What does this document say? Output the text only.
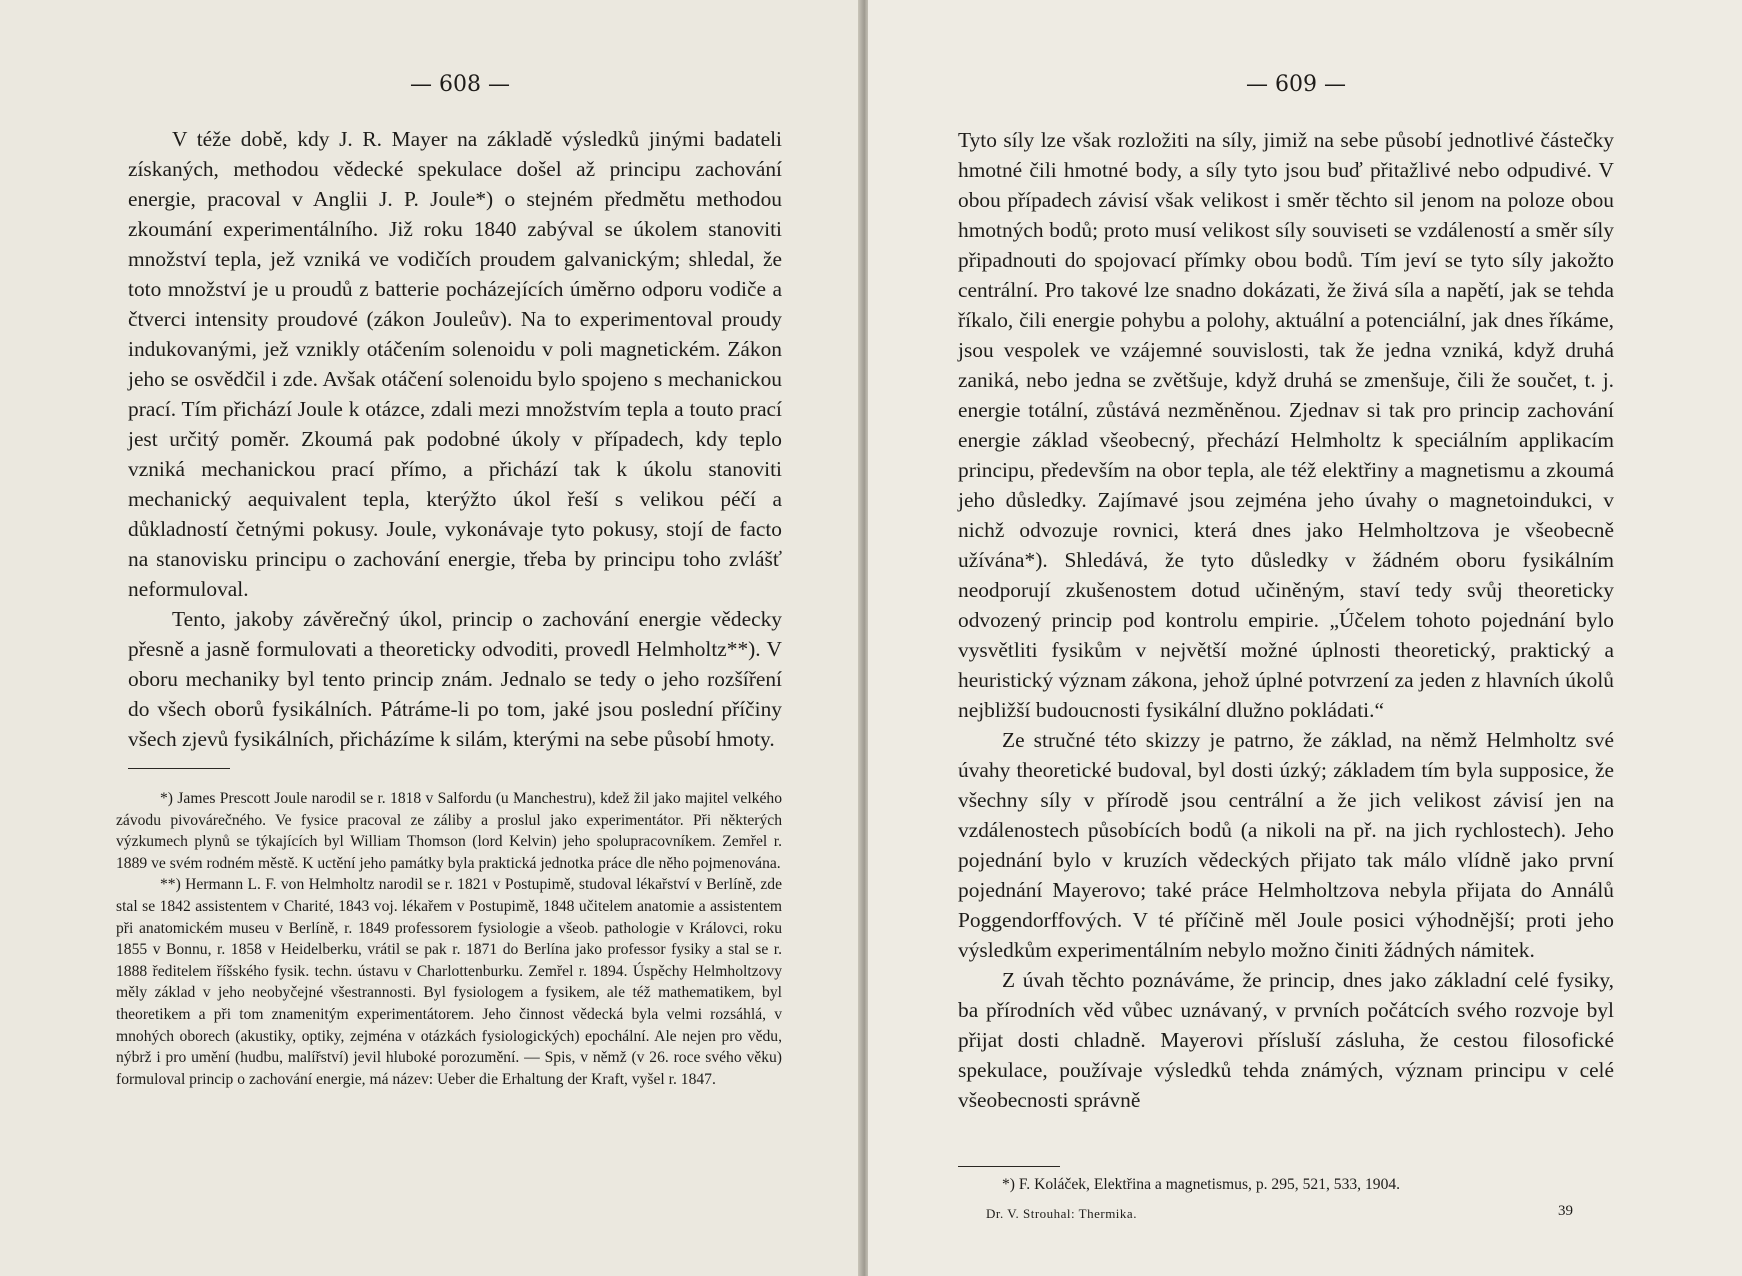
— 608 —

V téže době, kdy J. R. Mayer na základě výsledků jinými badateli získaných, methodou vědecké spekulace došel až principu zachování energie, pracoval v Anglii J. P. Joule*) o stejném předmětu methodou zkoumání experimentálního. Již roku 1840 zabýval se úkolem stanoviti množství tepla, jež vzniká ve vodičích proudem galvanickým; shledal, že toto množství je u proudů z batterie pocházejících úměrno odporu vodiče a čtverci intensity proudové (zákon Jouleův). Na to experimentoval proudy indukovanými, jež vznikly otáčením solenoidu v poli magnetickém. Zákon jeho se osvědčil i zde. Avšak otáčení solenoidu bylo spojeno s mechanickou prací. Tím přichází Joule k otázce, zdali mezi množstvím tepla a touto prací jest určitý poměr. Zkoumá pak podobné úkoly v případech, kdy teplo vzniká mechanickou prací přímo, a přichází tak k úkolu stanoviti mechanický aequivalent tepla, kterýžto úkol řeší s velikou péčí a důkladností četnými pokusy. Joule, vykonávaje tyto pokusy, stojí de facto na stanovisku principu o zachování energie, třeba by principu toho zvlášť neformuloval.

Tento, jakoby závěrečný úkol, princip o zachování energie vědecky přesně a jasně formulovati a theoreticky odvoditi, provedl Helmholtz**). V oboru mechaniky byl tento princip znám. Jednalo se tedy o jeho rozšíření do všech oborů fysikálních. Pátráme-li po tom, jaké jsou poslední příčiny všech zjevů fysikálních, přicházíme k silám, kterými na sebe působí hmoty.

*) James Prescott Joule narodil se r. 1818 v Salfordu (u Manchestru), kdež žil jako majitel velkého závodu pivovárečného. Ve fysice pracoval ze záliby a proslul jako experimentátor. Při některých výzkumech plynů se týkajících byl William Thomson (lord Kelvin) jeho spolupracovníkem. Zemřel r. 1889 ve svém rodném městě. K uctění jeho památky byla praktická jednotka práce dle něho pojmenována.

**) Hermann L. F. von Helmholtz narodil se r. 1821 v Postupimě, studoval lékařství v Berlíně, zde stal se 1842 assistentem v Charité, 1843 voj. lékařem v Postupimě, 1848 učitelem anatomie a assistentem při anatomickém museu v Berlíně, r. 1849 professorem fysiologie a všeob. pathologie v Královci, roku 1855 v Bonnu, r. 1858 v Heidelberku, vrátil se pak r. 1871 do Berlína jako professor fysiky a stal se r. 1888 ředitelem říšského fysik. techn. ústavu v Charlottenburku. Zemřel r. 1894. Úspěchy Helmholtzovy měly základ v jeho neobyčejné všestrannosti. Byl fysiologem a fysikem, ale též mathematikem, byl theoretikem a při tom znamenitým experimentátorem. Jeho činnost vědecká byla velmi rozsáhlá, v mnohých oborech (akustiky, optiky, zejména v otázkách fysiologických) epochální. Ale nejen pro vědu, nýbrž i pro umění (hudbu, malířství) jevil hluboké porozumění. — Spis, v němž (v 26. roce svého věku) formuloval princip o zachování energie, má název: Ueber die Erhaltung der Kraft, vyšel r. 1847.

— 609 —

Tyto síly lze však rozložiti na síly, jimiž na sebe působí jednotlivé částečky hmotné čili hmotné body, a síly tyto jsou buď přitažlivé nebo odpudivé. V obou případech závisí však velikost i směr těchto sil jenom na poloze obou hmotných bodů; proto musí velikost síly souviseti se vzdáleností a směr síly připadnouti do spojovací přímky obou bodů. Tím jeví se tyto síly jakožto centrální. Pro takové lze snadno dokázati, že živá síla a napětí, jak se tehda říkalo, čili energie pohybu a polohy, aktuální a potenciální, jak dnes říkáme, jsou vespolek ve vzájemné souvislosti, tak že jedna vzniká, když druhá zaniká, nebo jedna se zvětšuje, když druhá se zmenšuje, čili že součet, t. j. energie totální, zůstává nezměněnou. Zjednav si tak pro princip zachování energie základ všeobecný, přechází Helmholtz k speciálním applikacím principu, především na obor tepla, ale též elektřiny a magnetismu a zkoumá jeho důsledky. Zajímavé jsou zejména jeho úvahy o magnetoindukci, v nichž odvozuje rovnici, která dnes jako Helmholtzova je všeobecně užívána*). Shledává, že tyto důsledky v žádném oboru fysikálním neodporují zkušenostem dotud učiněným, staví tedy svůj theoreticky odvozený princip pod kontrolu empirie. „Účelem tohoto pojednání bylo vysvětliti fysikům v největší možné úplnosti theoretický, praktický a heuristický význam zákona, jehož úplné potvrzení za jeden z hlavních úkolů nejbližší budoucnosti fysikální dlužno pokládati.“

Ze stručné této skizzy je patrno, že základ, na němž Helmholtz své úvahy theoretické budoval, byl dosti úzký; základem tím byla supposice, že všechny síly v přírodě jsou centrální a že jich velikost závisí jen na vzdálenostech působících bodů (a nikoli na př. na jich rychlostech). Jeho pojednání bylo v kruzích vědeckých přijato tak málo vlídně jako první pojednání Mayerovo; také práce Helmholtzova nebyla přijata do Annálů Poggendorffových. V té příčině měl Joule posici výhodnější; proti jeho výsledkům experimentálním nebylo možno činiti žádných námitek.

Z úvah těchto poznáváme, že princip, dnes jako základní celé fysiky, ba přírodních věd vůbec uznávaný, v prvních počátcích svého rozvoje byl přijat dosti chladně. Mayerovi přísluší zásluha, že cestou filosofické spekulace, používaje výsledků tehda známých, význam principu v celé všeobecnosti správně

*) F. Koláček, Elektřina a magnetismus, p. 295, 521, 533, 1904.
Dr. V. Strouhal: Thermika.	39
